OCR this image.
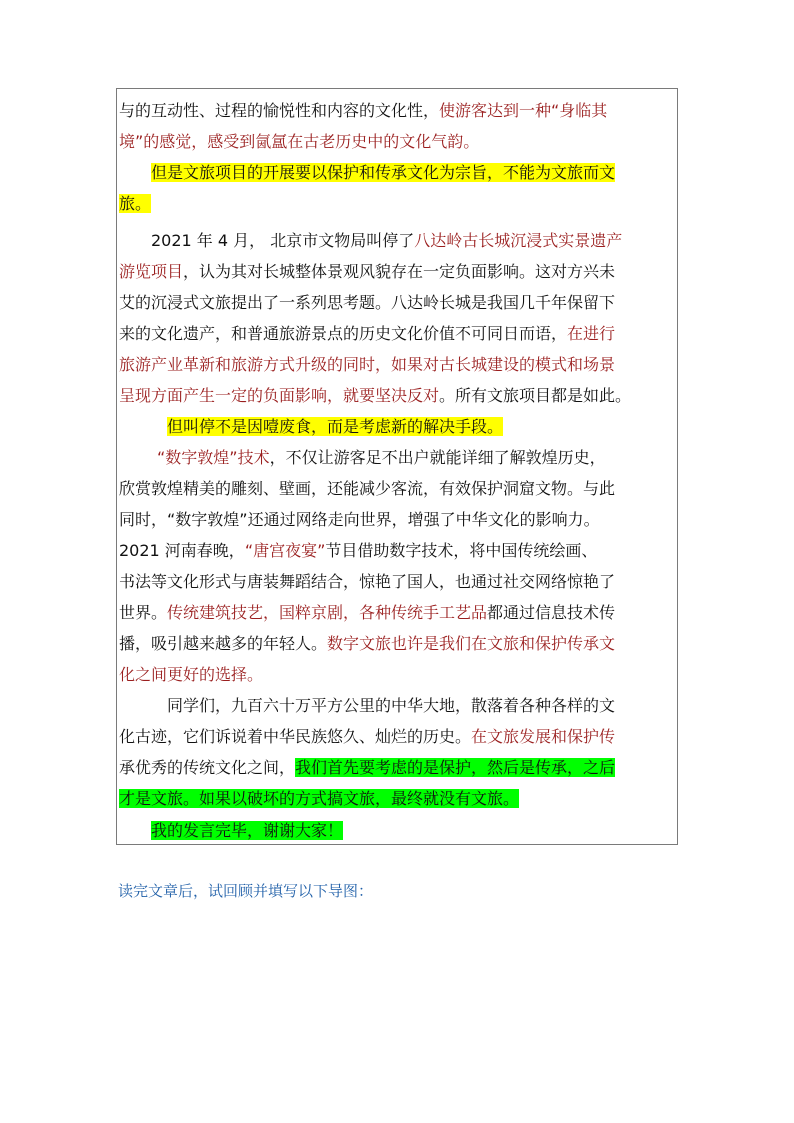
与的互动性、过程的愉悦性和内容的文化性，使游客达到一种“身临其
境”的感觉，感受到氤氲在古老历史中的文化气韵。
但是文旅项目的开展要以保护和传承文化为宗旨，不能为文旅而文
旅。
2021 年 4 月， 北京市文物局叫停了八达岭古长城沉浸式实景遗产
游览项目，认为其对长城整体景观风貌存在一定负面影响。这对方兴未
艾的沉浸式文旅提出了一系列思考题。八达岭长城是我国几千年保留下
来的文化遗产，和普通旅游景点的历史文化价值不可同日而语，在进行
旅游产业革新和旅游方式升级的同时，如果对古长城建设的模式和场景
呈现方面产生一定的负面影响，就要坚决反对。所有文旅项目都是如此。
但叫停不是因噎废食，而是考虑新的解决手段。
“数字敦煌”技术，不仅让游客足不出户就能详细了解敦煌历史，
欣赏敦煌精美的雕刻、壁画，还能减少客流，有效保护洞窟文物。与此
同时，“数字敦煌”还通过网络走向世界，增强了中华文化的影响力。
2021 河南春晚，“唐宫夜宴”节目借助数字技术，将中国传统绘画、
书法等文化形式与唐装舞蹈结合，惊艳了国人，也通过社交网络惊艳了
世界。传统建筑技艺，国粹京剧，各种传统手工艺品都通过信息技术传
播，吸引越来越多的年轻人。数字文旅也许是我们在文旅和保护传承文
化之间更好的选择。
同学们，九百六十万平方公里的中华大地，散落着各种各样的文
化古迹，它们诉说着中华民族悠久、灿烂的历史。在文旅发展和保护传
承优秀的传统文化之间，我们首先要考虑的是保护，然后是传承，之后
才是文旅。如果以破坏的方式搞文旅，最终就没有文旅。
我的发言完毕，谢谢大家！
读完文章后，试回顾并填写以下导图：
